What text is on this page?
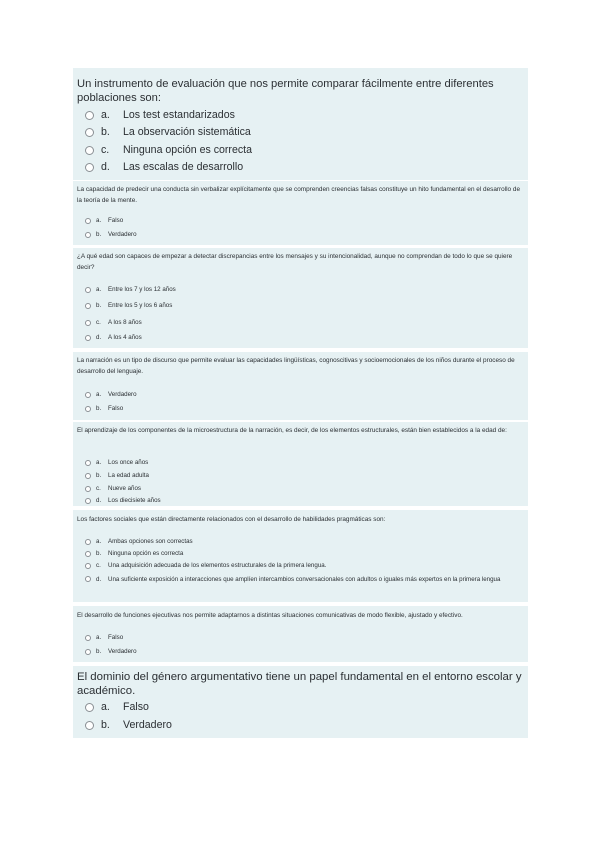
Un instrumento de evaluación que nos permite comparar fácilmente entre diferentes poblaciones son:
a.	Los test estandarizados
b.	La observación sistemática
c.	Ninguna opción es correcta
d.	Las escalas de desarrollo
La capacidad de predecir una conducta sin verbalizar explícitamente que se comprenden creencias falsas constituye un hito fundamental en el desarrollo de la teoría de la mente.
a.	Falso
b.	Verdadero
¿A qué edad son capaces de empezar a detectar discrepancias entre los mensajes y su intencionalidad, aunque no comprendan de todo lo que se quiere decir?
a.	Entre los 7 y los 12 años
b.	Entre los 5 y los 6 años
c.	A los 8 años
d.	A los 4 años
La narración es un tipo de discurso que permite evaluar las capacidades lingüísticas, cognoscitivas y socioemocionales de los niños durante el proceso de desarrollo del lenguaje.
a.	Verdadero
b.	Falso
El aprendizaje de los componentes de la microestructura de la narración, es decir, de los elementos estructurales, están bien establecidos a la edad de:
a.	Los once años
b.	La edad adulta
c.	Nueve años
d.	Los diecisiete años
Los factores sociales que están directamente relacionados con el desarrollo de habilidades pragmáticas son:
a.	Ambas opciones son correctas
b.	Ninguna opción es correcta
c.	Una adquisición adecuada de los elementos estructurales de la primera lengua.
d.	Una suficiente exposición a interacciones que amplíen intercambios conversacionales con adultos o iguales más expertos en la primera lengua
El desarrollo de funciones ejecutivas nos permite adaptarnos a distintas situaciones comunicativas de modo flexible, ajustado y efectivo.
a.	Falso
b.	Verdadero
El dominio del género argumentativo tiene un papel fundamental en el entorno escolar y académico.
a.	Falso
b.	Verdadero
